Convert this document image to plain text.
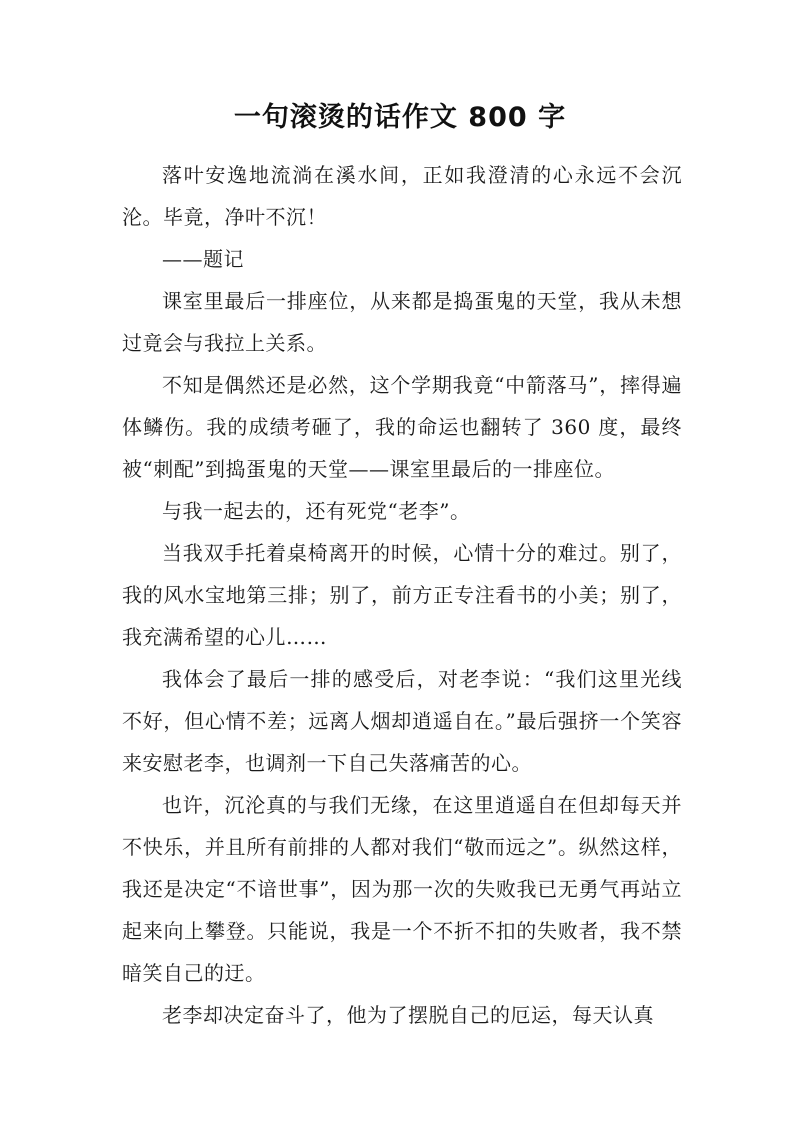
一句滚烫的话作文 800 字

落叶安逸地流淌在溪水间，正如我澄清的心永远不会沉沦。毕竟，净叶不沉！

——题记

课室里最后一排座位，从来都是捣蛋鬼的天堂，我从未想过竟会与我拉上关系。

不知是偶然还是必然，这个学期我竟“中箭落马”，摔得遍体鳞伤。我的成绩考砸了，我的命运也翻转了 360 度，最终被“刺配”到捣蛋鬼的天堂——课室里最后的一排座位。

与我一起去的，还有死党“老李”。

当我双手托着桌椅离开的时候，心情十分的难过。别了，我的风水宝地第三排；别了，前方正专注看书的小美；别了，我充满希望的心儿……

我体会了最后一排的感受后，对老李说：“我们这里光线不好，但心情不差；远离人烟却逍遥自在。”最后强挤一个笑容来安慰老李，也调剂一下自己失落痛苦的心。

也许，沉沦真的与我们无缘，在这里逍遥自在但却每天并不快乐，并且所有前排的人都对我们“敬而远之”。纵然这样，我还是决定“不谙世事”，因为那一次的失败我已无勇气再站立起来向上攀登。只能说，我是一个不折不扣的失败者，我不禁暗笑自己的迂。

老李却决定奋斗了，他为了摆脱自己的厄运，每天认真
